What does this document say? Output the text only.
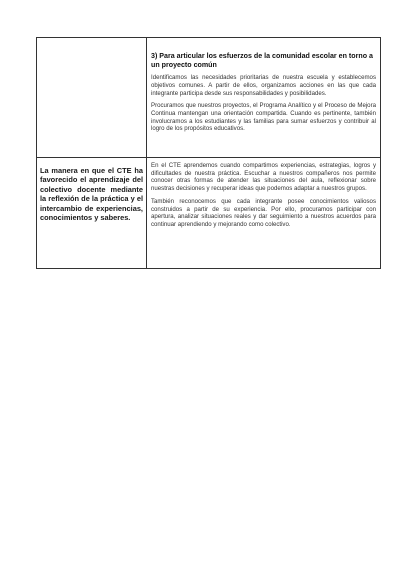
	3) Para articular los esfuerzos de la comunidad escolar en torno a un proyecto común

Identificamos las necesidades prioritarias de nuestra escuela y establecemos objetivos comunes. A partir de ellos, organizamos acciones en las que cada integrante participa desde sus responsabilidades y posibilidades.

Procuramos que nuestros proyectos, el Programa Analítico y el Proceso de Mejora Continua mantengan una orientación compartida. Cuando es pertinente, también involucramos a los estudiantes y las familias para sumar esfuerzos y contribuir al logro de los propósitos educativos.

La manera en que el CTE ha favorecido el aprendizaje del colectivo docente mediante la reflexión de la práctica y el intercambio de experiencias, conocimientos y saberes.	En el CTE aprendemos cuando compartimos experiencias, estrategias, logros y dificultades de nuestra práctica. Escuchar a nuestros compañeros nos permite conocer otras formas de atender las situaciones del aula, reflexionar sobre nuestras decisiones y recuperar ideas que podemos adaptar a nuestros grupos.

También reconocemos que cada integrante posee conocimientos valiosos construidos a partir de su experiencia. Por ello, procuramos participar con apertura, analizar situaciones reales y dar seguimiento a nuestros acuerdos para continuar aprendiendo y mejorando como colectivo.
